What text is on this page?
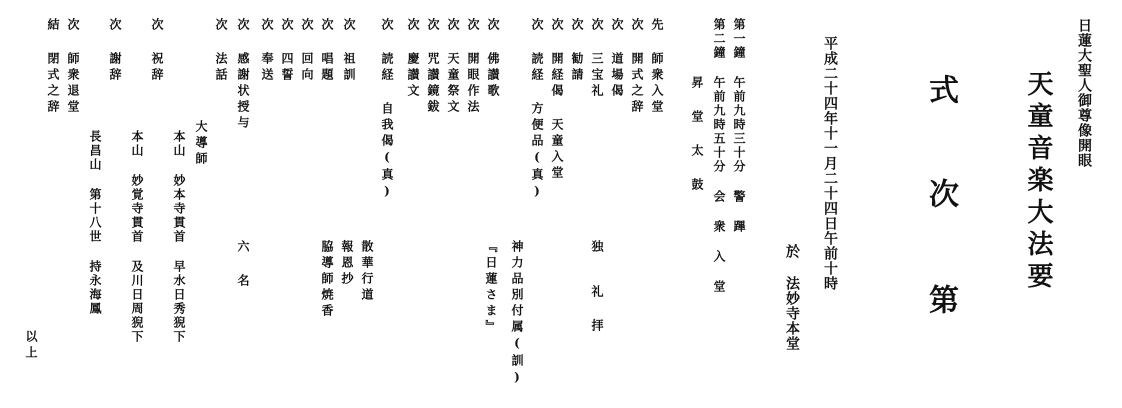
日蓮大聖人御尊像開眼
天童音楽大法要
式
次
第
平成二十四年十一月二十四日午前十時
於 法妙寺本堂
第一鐘 午前九時三十分 警 蹕
第二鐘 午前九時五十分 会 衆 入 堂
昇堂太鼓
先 師衆入堂
次 開式之辞
次 道場偈
次 三宝礼
次 勧請
次 開経偈 天童入堂
次 読経 方便品(真)
神力品別付属(訓)
『日蓮さま』
次 佛讃歌
次 開眼作法
次 天童祭文
次 咒讃鏡鈸
次 慶讃文
次 読経 自我偈(真)
散華行道
報恩抄
脇導師焼香
次 祖訓
次 唱題
次 回向
次 四誓
次 奉送
次 感謝状授与
次 法話
大導師
本山 妙本寺貫首 早水日秀猊下
次 祝辞
本山 妙覚寺貫首 及川日周猊下
次 謝辞
長昌山 第十八世 持永海鳳
次 師衆退堂
結 閉式之辞
以上
六 名	独
礼 拝
